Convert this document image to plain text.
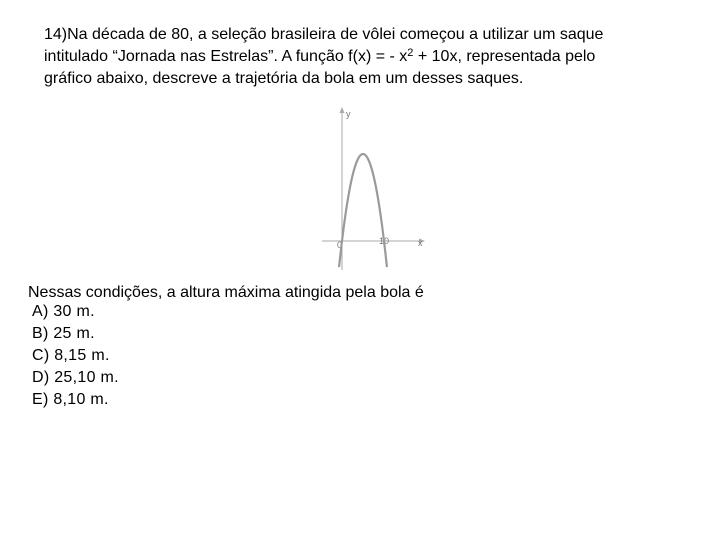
14)Na década de 80, a seleção brasileira de vôlei começou a utilizar um saque
intitulado “Jornada nas Estrelas”. A função f(x) = - $x^2 + 10x$, representada pelo
gráfico abaixo, descreve a trajetória da bola em um desses saques.
y
x
0	10

Nessas condições, a altura máxima atingida pela bola é

A) 30 m.
B) 25 m.
C) 8,15 m.
D) 25,10 m.
E) 8,10 m.
